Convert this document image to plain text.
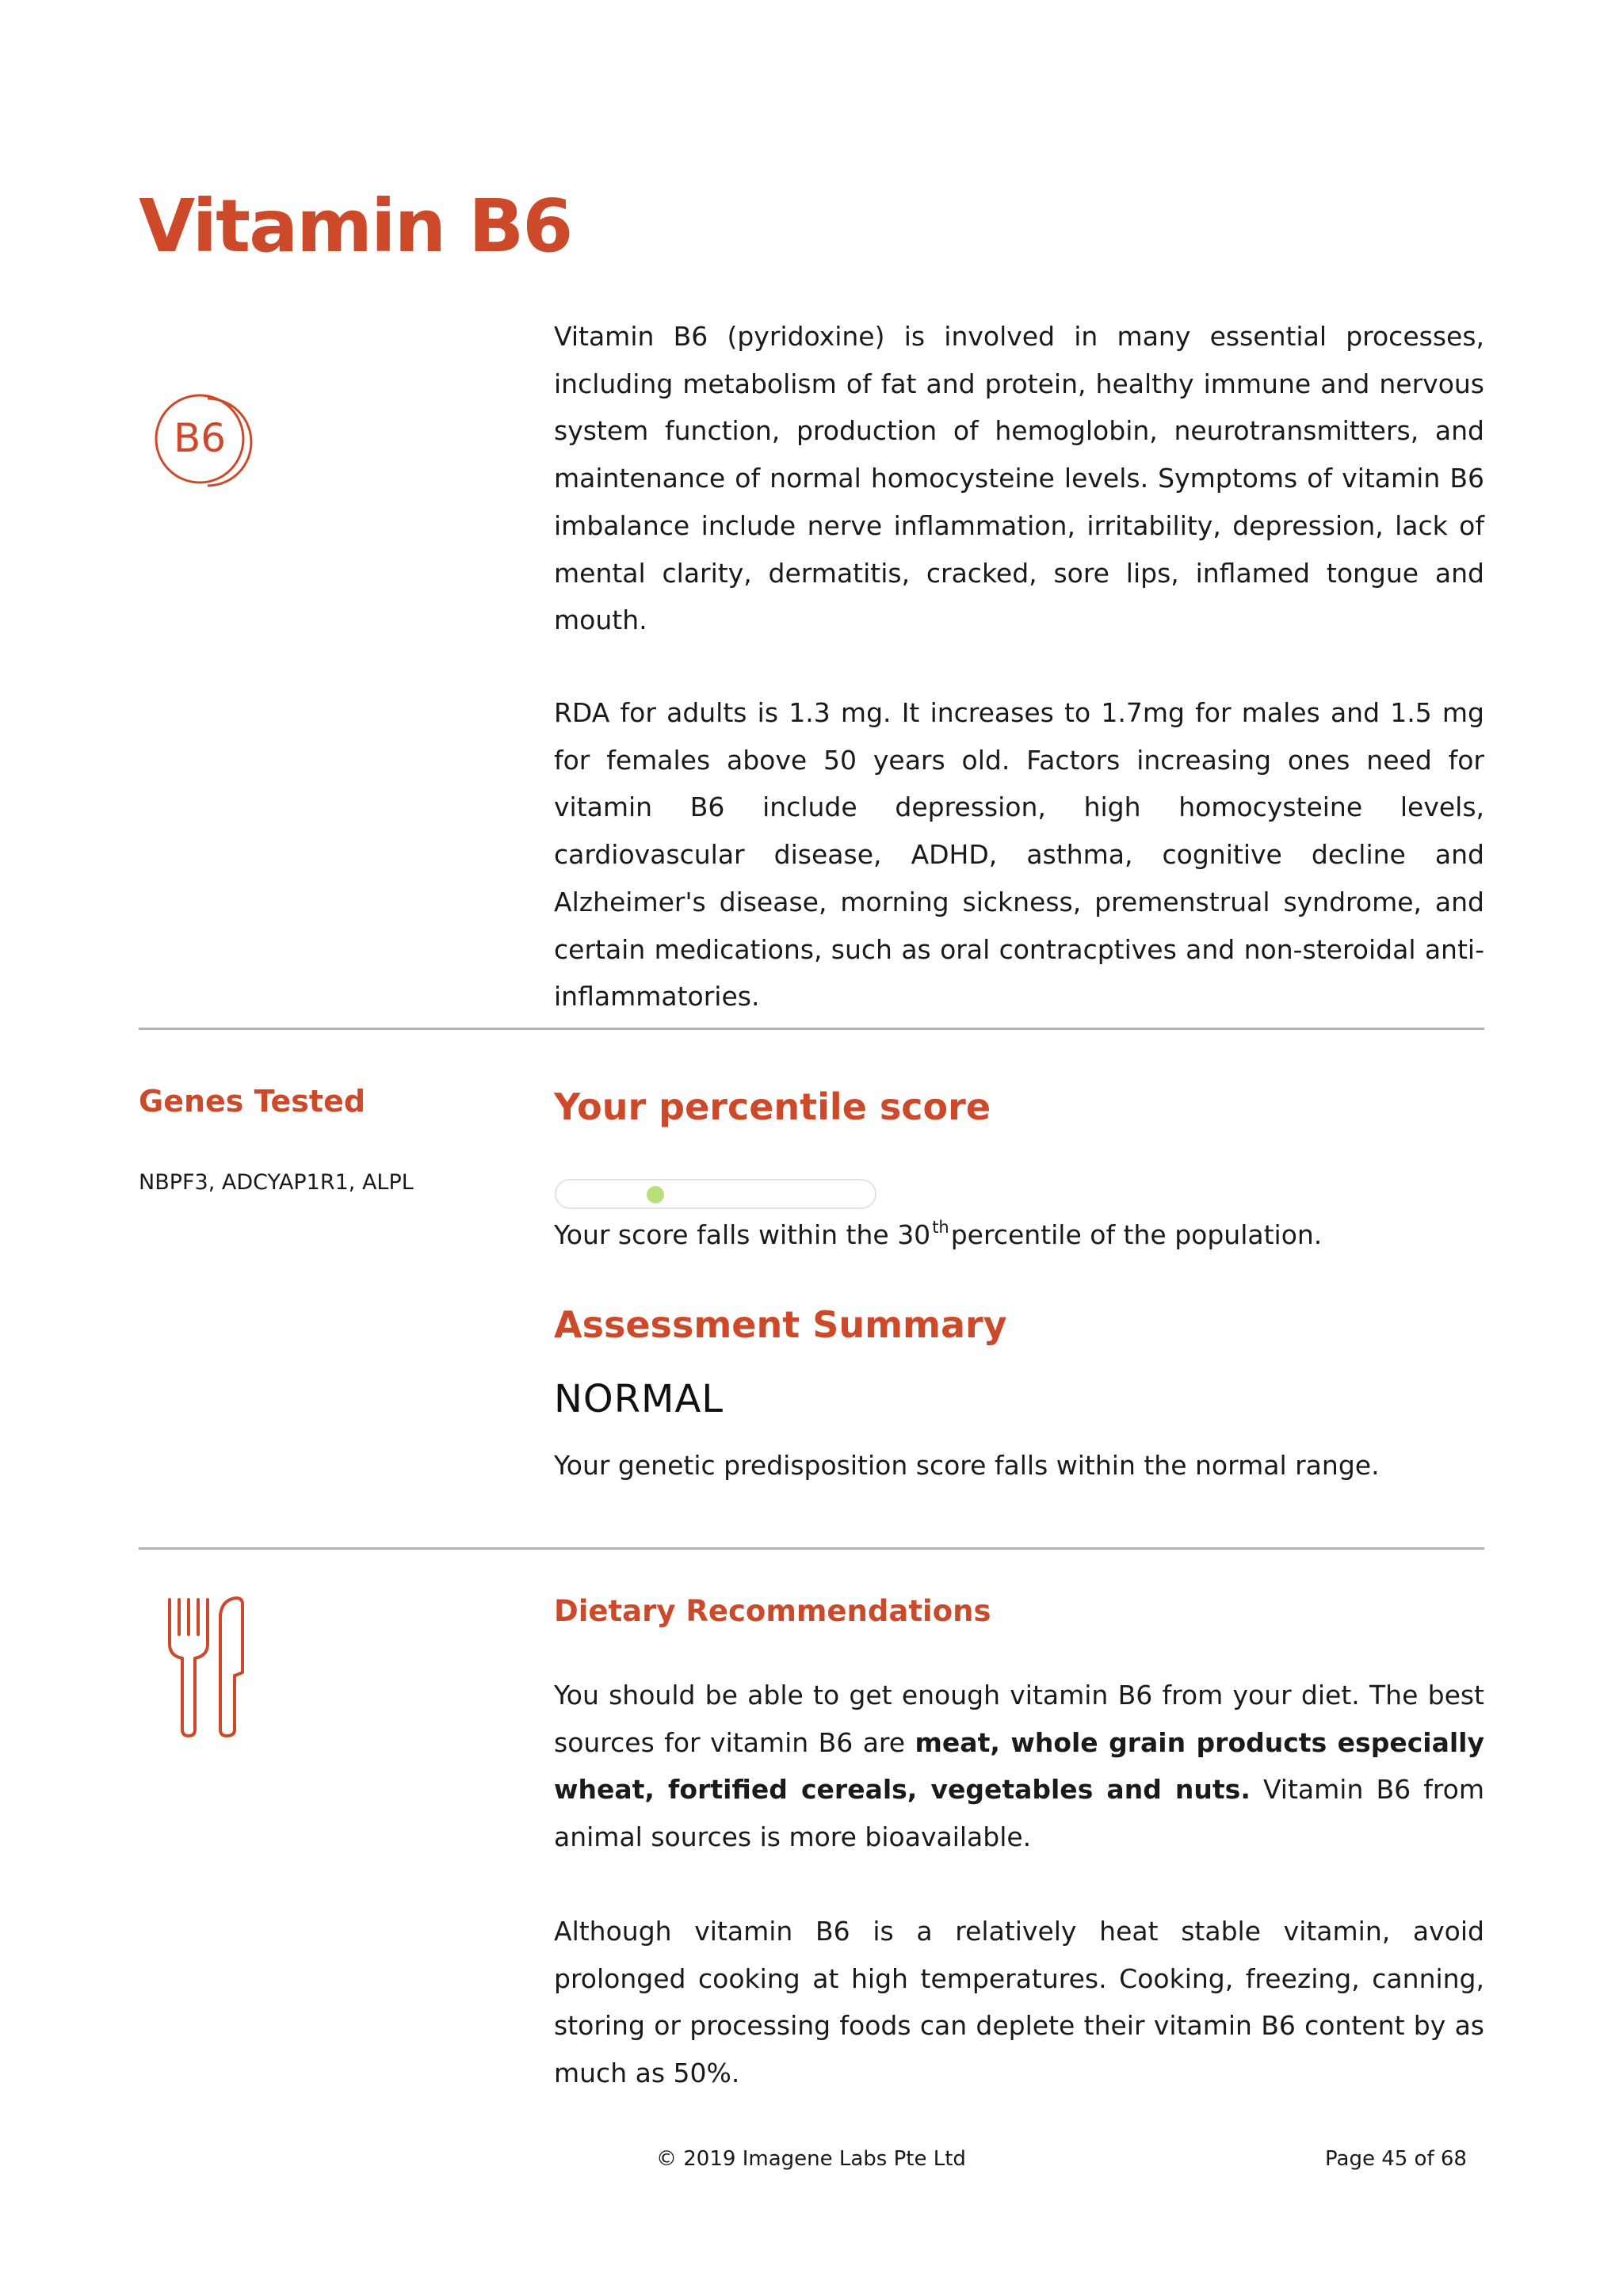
Vitamin B6
B6

Vitamin B6 (pyridoxine) is involved in many essential processes, including metabolism of fat and protein, healthy immune and nervous system function, production of hemoglobin, neurotransmitters, and maintenance of normal homocysteine levels. Symptoms of vitamin B6 imbalance include nerve inflammation, irritability, depression, lack of mental clarity, dermatitis, cracked, sore lips, inflamed tongue and mouth.

RDA for adults is 1.3 mg. It increases to 1.7mg for males and 1.5 mg for females above 50 years old. Factors increasing ones need for vitamin B6 include depression, high homocysteine levels, cardiovascular disease, ADHD, asthma, cognitive decline and Alzheimer's disease, morning sickness, premenstrual syndrome, and certain medications, such as oral contracptives and non-steroidal anti-inflammatories.

Genes Tested
NBPF3, ADCYAP1R1, ALPL
Your percentile score
Your score falls within the 30thpercentile of the population.
Assessment Summary
NORMAL
Your genetic predisposition score falls within the normal range.
Dietary Recommendations

You should be able to get enough vitamin B6 from your diet. The best sources for vitamin B6 are meat, whole grain products especially wheat, fortified cereals, vegetables and nuts. Vitamin B6 from animal sources is more bioavailable.

Although vitamin B6 is a relatively heat stable vitamin, avoid prolonged cooking at high temperatures. Cooking, freezing, canning, storing or processing foods can deplete their vitamin B6 content by as much as 50%.

© 2019 Imagene Labs Pte Ltd	Page 45 of 68
